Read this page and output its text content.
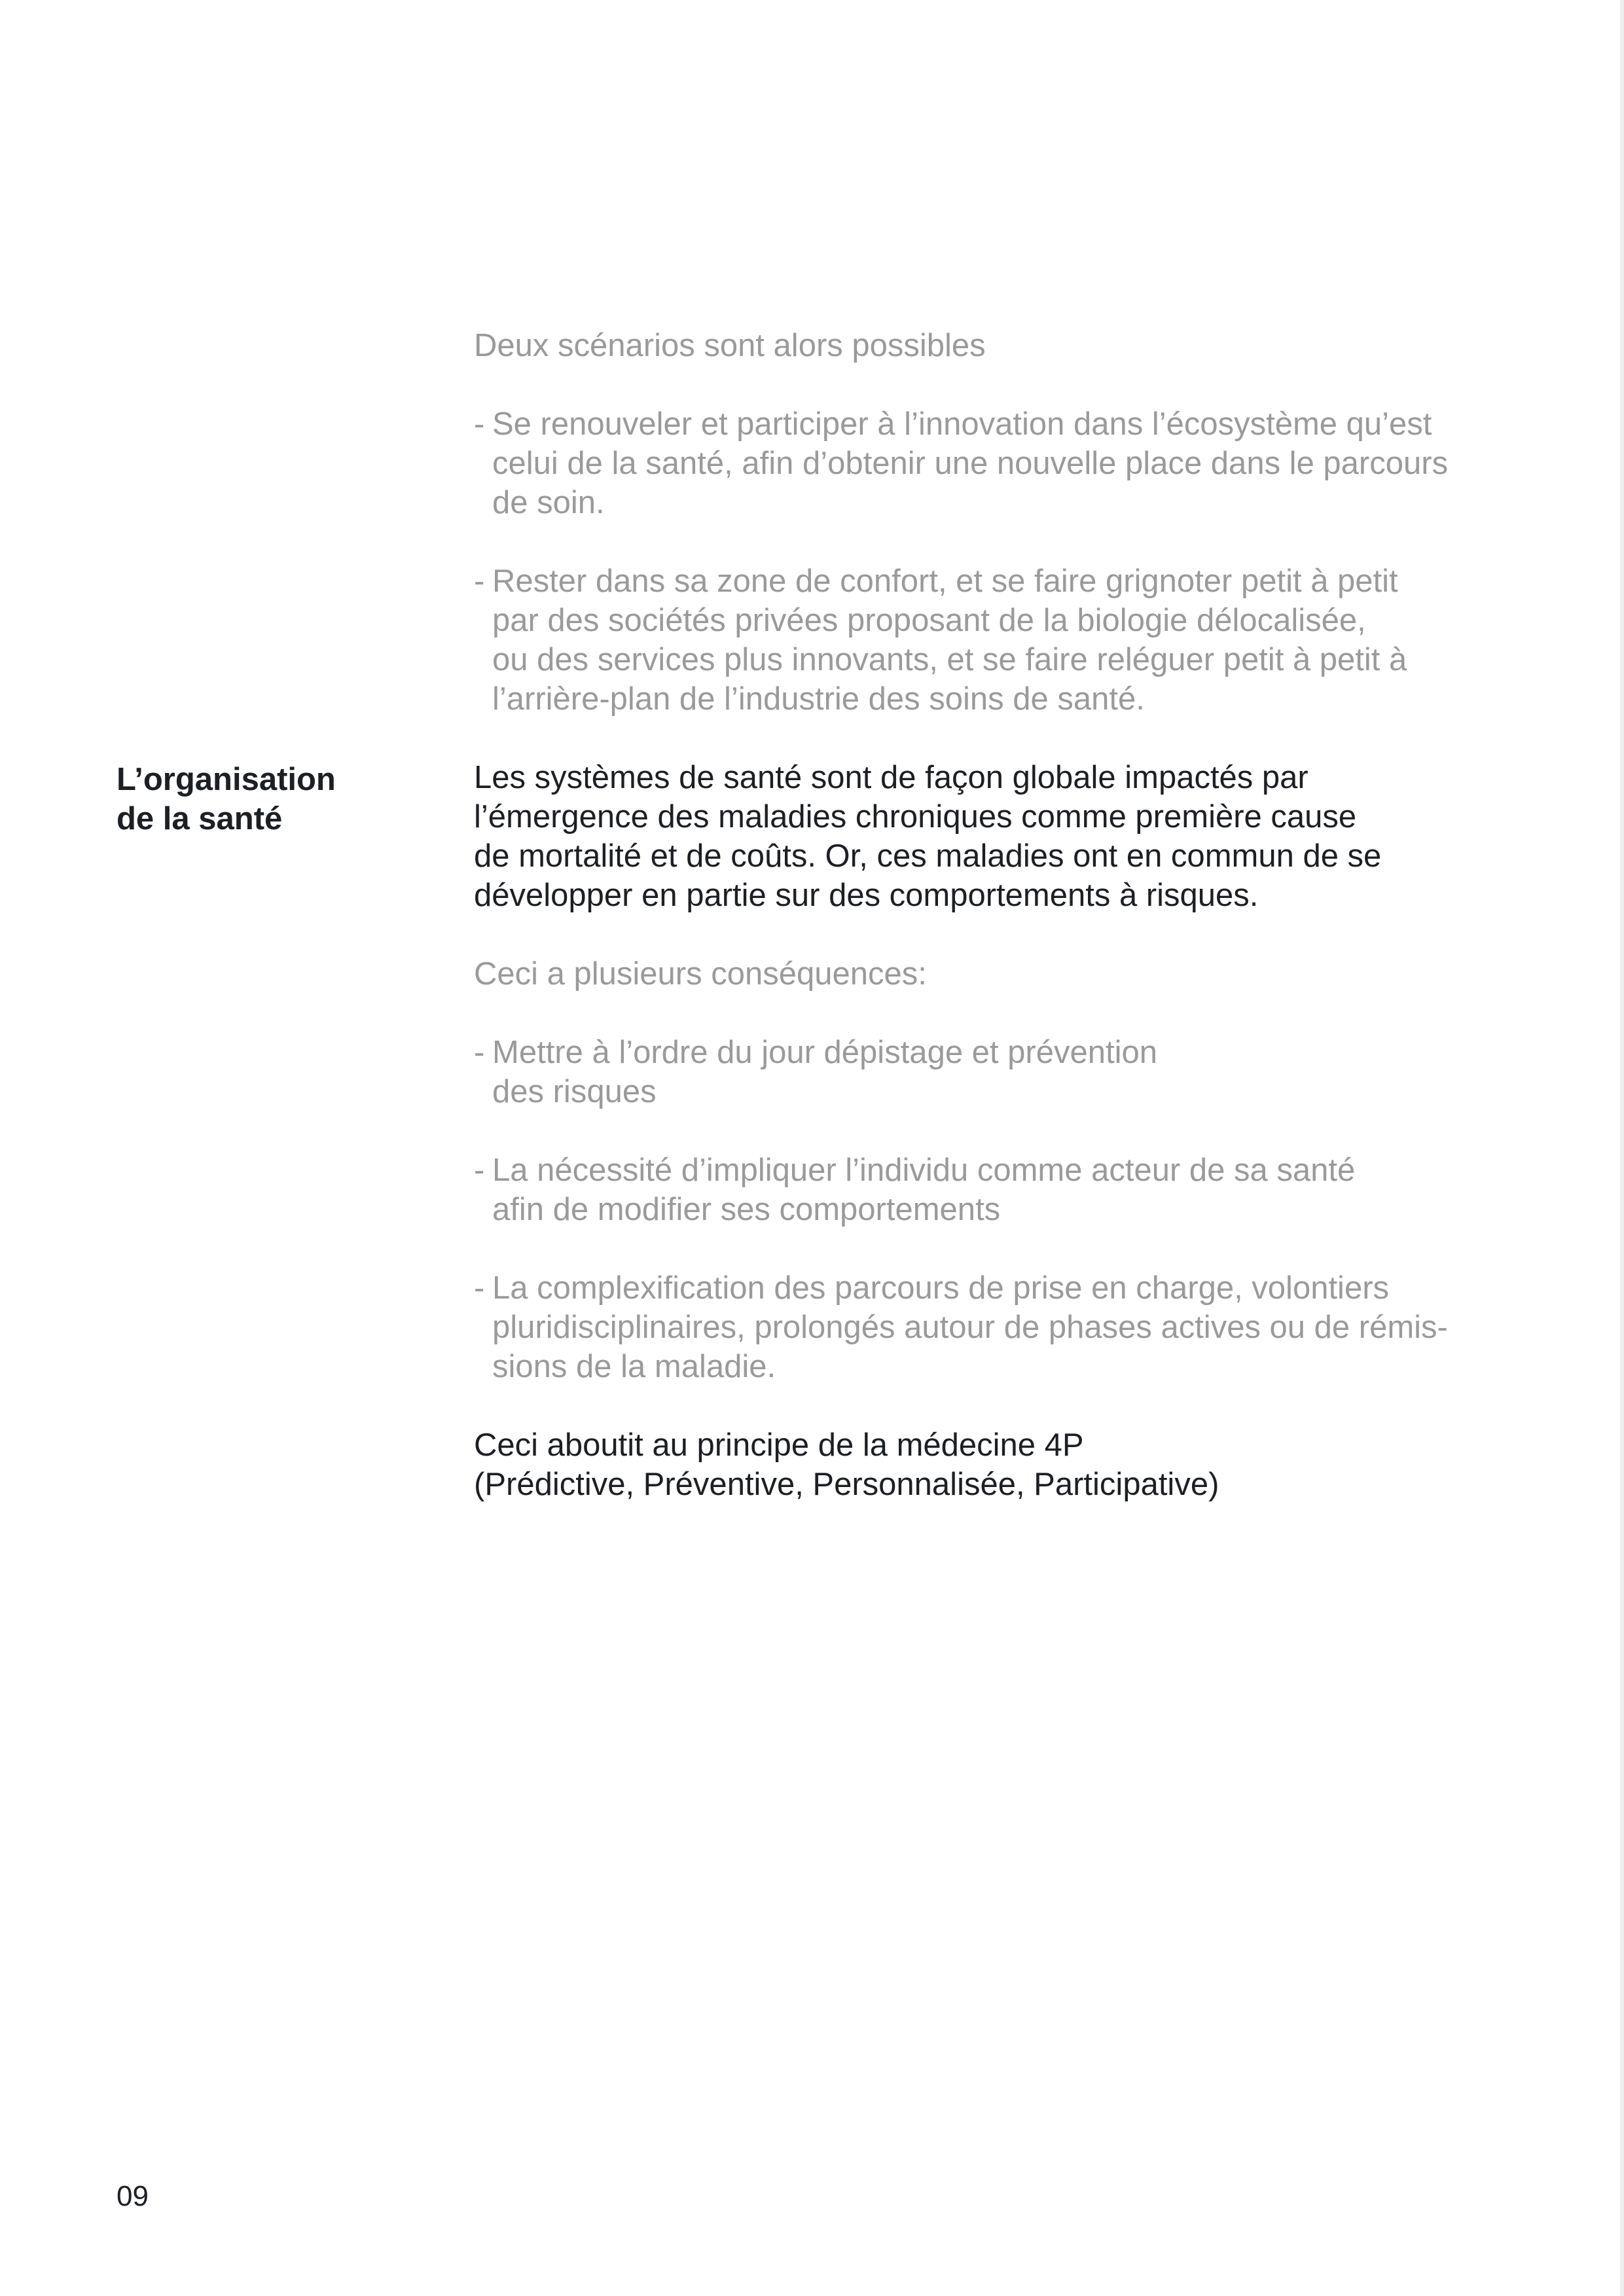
L’organisation
de la santé
Deux scénarios sont alors possibles
- Se renouveler et participer à l’innovation dans l’écosystème qu’est
celui de la santé, afin d’obtenir une nouvelle place dans le parcours
de soin.
- Rester dans sa zone de confort, et se faire grignoter petit à petit
par des sociétés privées proposant de la biologie délocalisée,
ou des services plus innovants, et se faire reléguer petit à petit à
l’arrière-plan de l’industrie des soins de santé.
Les systèmes de santé sont de façon globale impactés par
l’émergence des maladies chroniques comme première cause
de mortalité et de coûts. Or, ces maladies ont en commun de se
développer en partie sur des comportements à risques.
Ceci a plusieurs conséquences:
- Mettre à l’ordre du jour dépistage et prévention
des risques
- La nécessité d’impliquer l’individu comme acteur de sa santé
afin de modifier ses comportements
- La complexification des parcours de prise en charge, volontiers
pluridisciplinaires, prolongés autour de phases actives ou de rémis-
sions de la maladie.
Ceci aboutit au principe de la médecine 4P
(Prédictive, Préventive, Personnalisée, Participative)
09
